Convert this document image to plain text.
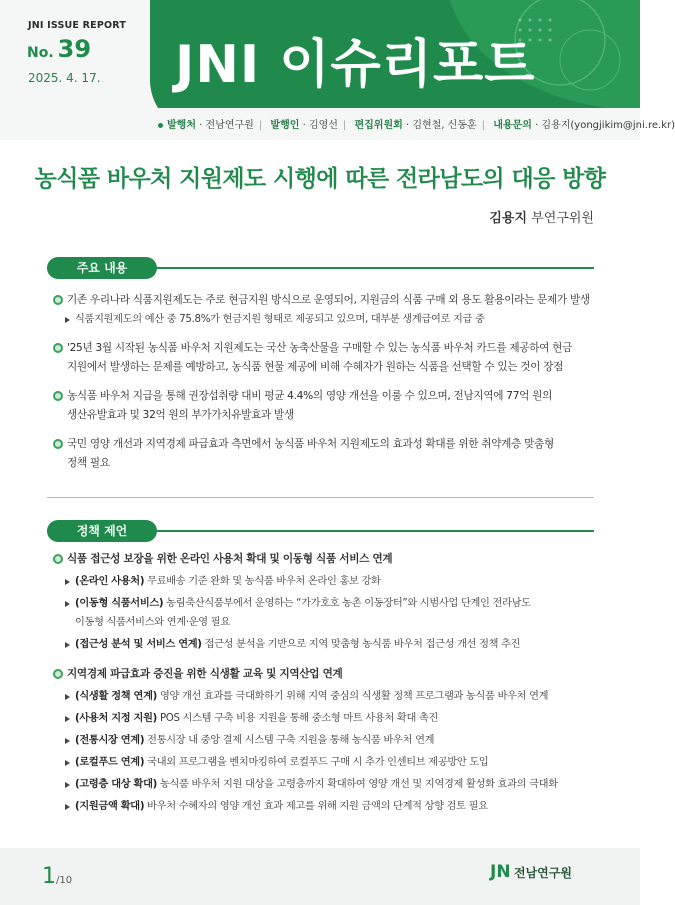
JNI ISSUE REPORT
No. 39
2025. 4. 17. JNI 이슈리포트
발행처 · 전남연구원 | 발행인 · 김영선 | 편집위원회 · 김현철, 신동훈 | 내용문의 · 김용지(yongjikim@jni.re.kr)
농식품 바우처 지원제도 시행에 따른 전라남도의 대응 방향
김용지 부연구위원
주요 내용
기존 우리나라 식품지원제도는 주로 현금지원 방식으로 운영되어, 지원금의 식품 구매 외 용도 활용이라는 문제가 발생
식품지원제도의 예산 중 75.8%가 현금지원 형태로 제공되고 있으며, 대부분 생계급여로 지급 중
'25년 3월 시작된 농식품 바우처 지원제도는 국산 농축산물을 구매할 수 있는 농식품 바우처 카드를 제공하여 현금
지원에서 발생하는 문제를 예방하고, 농식품 현물 제공에 비해 수혜자가 원하는 식품을 선택할 수 있는 것이 장점
농식품 바우처 지급을 통해 권장섭취량 대비 평균 4.4%의 영양 개선을 이룰 수 있으며, 전남지역에 77억 원의
생산유발효과 및 32억 원의 부가가치유발효과 발생
국민 영양 개선과 지역경제 파급효과 측면에서 농식품 바우처 지원제도의 효과성 확대를 위한 취약계층 맞춤형
정책 필요
정책 제언
식품 접근성 보장을 위한 온라인 사용처 확대 및 이동형 식품 서비스 연계
(온라인 사용처) 무료배송 기준 완화 및 농식품 바우처 온라인 홍보 강화
(이동형 식품서비스) 농림축산식품부에서 운영하는 “가가호호 농촌 이동장터”와 시범사업 단계인 전라남도
이동형 식품서비스와 연계·운영 필요
(접근성 분석 및 서비스 연계) 접근성 분석을 기반으로 지역 맞춤형 농식품 바우처 접근성 개선 정책 추진
지역경제 파급효과 증진을 위한 식생활 교육 및 지역산업 연계
(식생활 정책 연계) 영양 개선 효과를 극대화하기 위해 지역 중심의 식생활 정책 프로그램과 농식품 바우처 연계
(사용처 지정 지원) POS 시스템 구축 비용 지원을 통해 중소형 마트 사용처 확대 촉진
(전통시장 연계) 전통시장 내 중앙 결제 시스템 구축 지원을 통해 농식품 바우처 연계
(로컬푸드 연계) 국내외 프로그램을 벤치마킹하여 로컬푸드 구매 시 추가 인센티브 제공방안 도입
(고령층 대상 확대) 농식품 바우처 지원 대상을 고령층까지 확대하여 영양 개선 및 지역경제 활성화 효과의 극대화
(지원금액 확대) 바우처 수혜자의 영양 개선 효과 제고를 위해 지원 금액의 단계적 상향 검토 필요
1/10	JN 전남연구원
